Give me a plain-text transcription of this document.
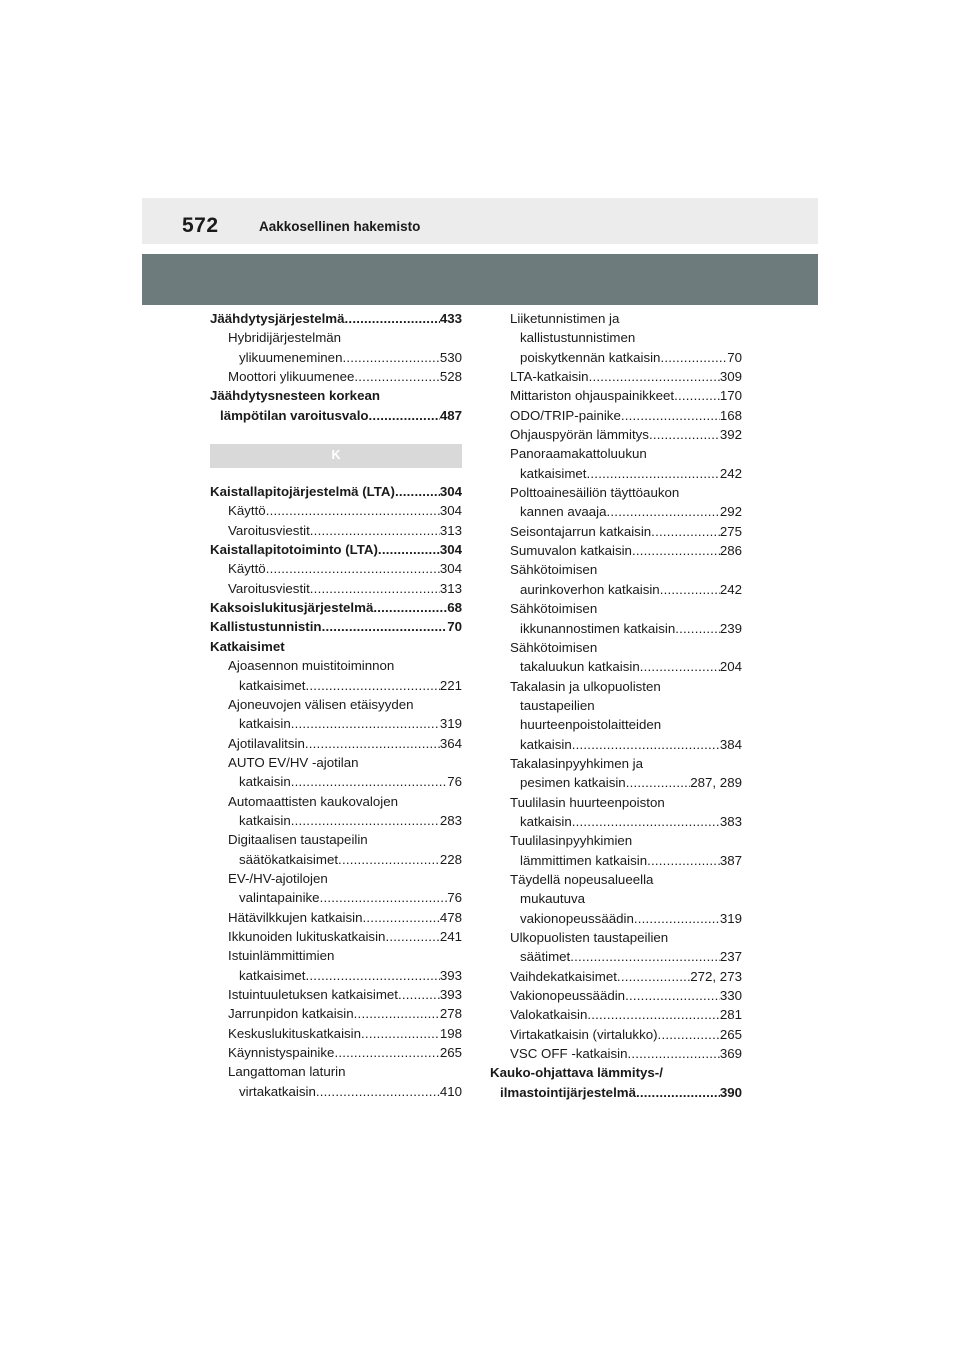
572	Aakkosellinen hakemisto
Jäähdytysjärjestelmä .....	433
Hybridijärjestelmän
ylikuumeneminen .....	530
Moottori ylikuumenee .....	528
Jäähdytysnesteen korkean
lämpötilan varoitusvalo .....	487
K
Kaistallapitojärjestelmä (LTA) .....	304
Käyttö .....	304
Varoitusviestit .....	313
Kaistallapitotoiminto (LTA) .....	304
Käyttö .....	304
Varoitusviestit .....	313
Kaksoislukitusjärjestelmä .....	68
Kallistustunnistin .....	70
Katkaisimet
Ajoasennon muistitoiminnon
katkaisimet .....	221
Ajoneuvojen välisen etäisyyden
katkaisin .....	319
Ajotilavalitsin .....	364
AUTO EV/HV -ajotilan
katkaisin .....	76
Automaattisten kaukovalojen
katkaisin .....	283
Digitaalisen taustapeilin
säätökatkaisimet .....	228
EV-/HV-ajotilojen
valintapainike .....	76
Hätävilkkujen katkaisin .....	478
Ikkunoiden lukituskatkaisin .....	241
Istuinlämmittimien
katkaisimet .....	393
Istuintuuletuksen katkaisimet .....	393
Jarrunpidon katkaisin .....	278
Keskuslukituskatkaisin .....	198
Käynnistyspainike .....	265
Langattoman laturin
virtakatkaisin .....	410
Liiketunnistimen ja
kallistustunnistimen
poiskytkennän katkaisin .....	70
LTA-katkaisin .....	309
Mittariston ohjauspainikkeet .....	170
ODO/TRIP-painike .....	168
Ohjauspyörän lämmitys .....	392
Panoraamakattoluukun
katkaisimet .....	242
Polttoainesäiliön täyttöaukon
kannen avaaja .....	292
Seisontajarrun katkaisin .....	275
Sumuvalon katkaisin .....	286
Sähkötoimisen
aurinkoverhon katkaisin .....	242
Sähkötoimisen
ikkunannostimen katkaisin .....	239
Sähkötoimisen
takaluukun katkaisin .....	204
Takalasin ja ulkopuolisten
taustapeilien
huurteenpoistolaitteiden
katkaisin .....	384
Takalasinpyyhkimen ja
pesimen katkaisin .....	287, 289
Tuulilasin huurteenpoiston
katkaisin .....	383
Tuulilasinpyyhkimien
lämmittimen katkaisin .....	387
Täydellä nopeusalueella
mukautuva
vakionopeussäädin .....	319
Ulkopuolisten taustapeilien
säätimet .....	237
Vaihdekatkaisimet .....	272, 273
Vakionopeussäädin .....	330
Valokatkaisin .....	281
Virtakatkaisin (virtalukko) .....	265
VSC OFF -katkaisin .....	369
Kauko-ohjattava lämmitys-/
ilmastointijärjestelmä .....	390
